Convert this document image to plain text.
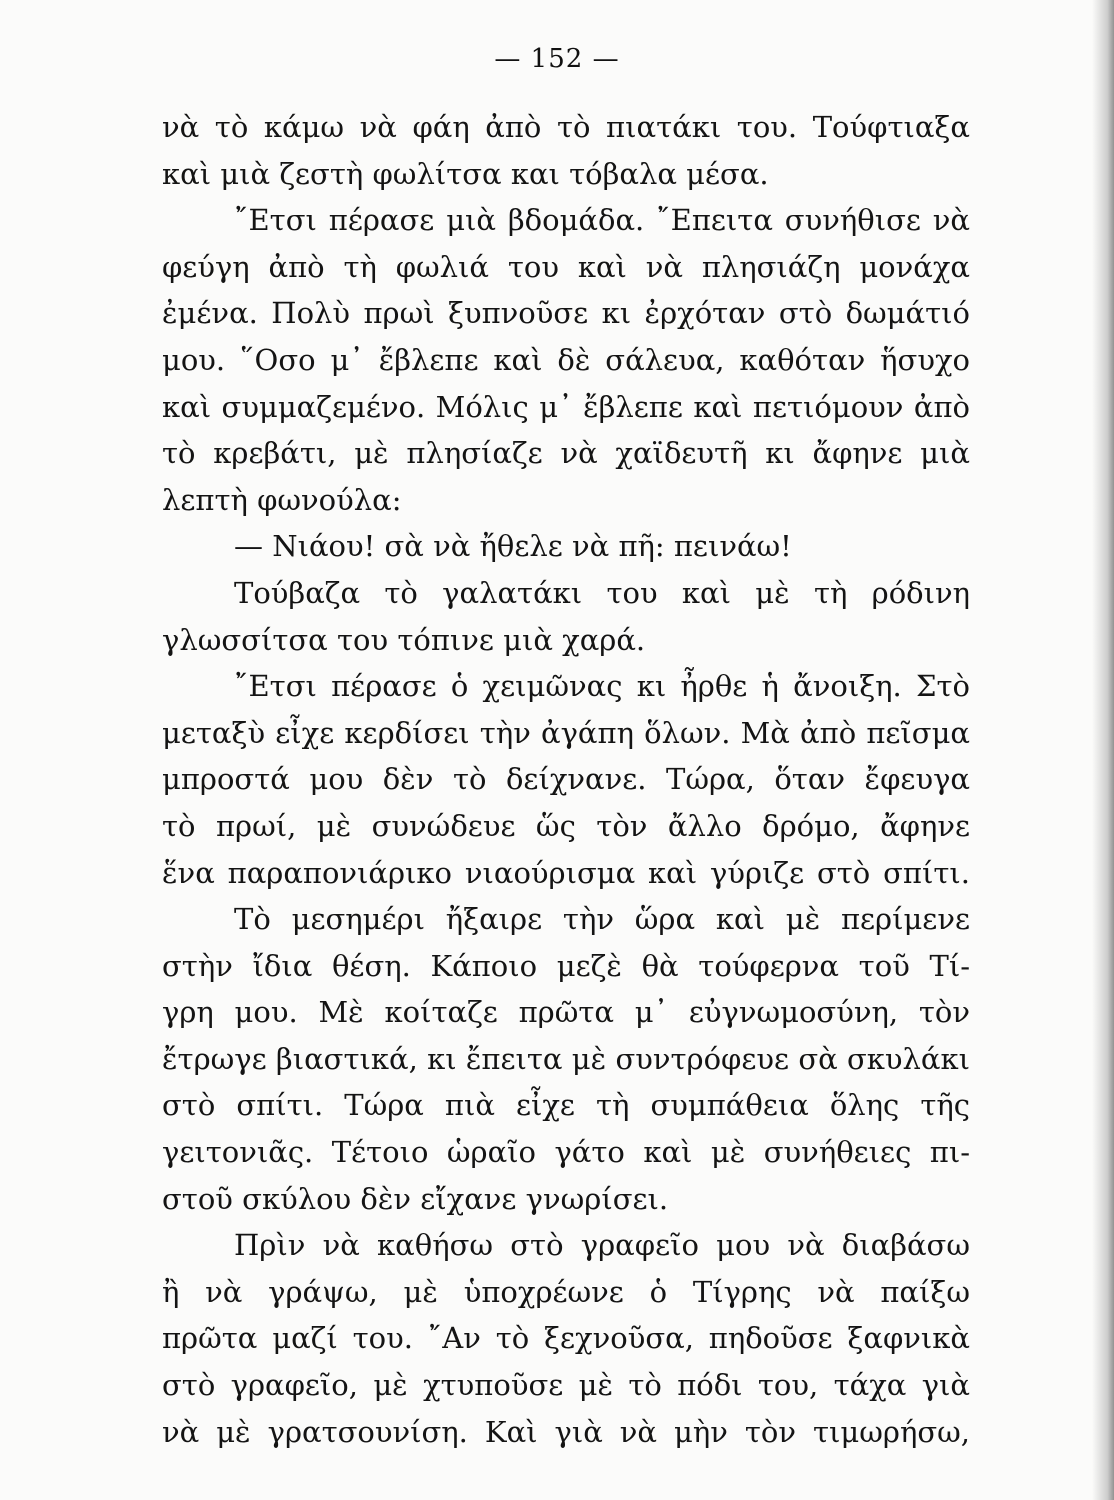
— 152 —
νὰ τὸ κάμω νὰ φάη ἀπὸ τὸ πιατάκι του. Τούφτιαξα
καὶ μιὰ ζεστὴ φωλίτσα και τόβαλα μέσα.
῎Ετσι πέρασε μιὰ βδομάδα. ῎Επειτα συνήθισε νὰ
φεύγη ἀπὸ τὴ φωλιά του καὶ νὰ πλησιάζη μονάχα
ἐμένα. Πολὺ πρωὶ ξυπνοῦσε κι ἐρχόταν στὸ δωμάτιό
μου. ῞Οσο μ᾿ ἔβλεπε καὶ δὲ σάλευα, καθόταν ἥσυχο
καὶ συμμαζεμένο. Μόλις μ᾿ ἔβλεπε καὶ πετιόμουν ἀπὸ
τὸ κρεβάτι, μὲ πλησίαζε νὰ χαϊδευτῆ κι ἄφηνε μιὰ
λεπτὴ φωνούλα:
— Νιάου! σὰ νὰ ἤθελε νὰ πῆ: πεινάω!
Τούβαζα τὸ γαλατάκι του καὶ μὲ τὴ ρόδινη
γλωσσίτσα του τόπινε μιὰ χαρά.
῎Ετσι πέρασε ὁ χειμῶνας κι ἦρθε ἡ ἄνοιξη. Στὸ
μεταξὺ εἶχε κερδίσει τὴν ἀγάπη ὅλων. Μὰ ἀπὸ πεῖσμα
μπροστά μου δὲν τὸ δείχνανε. Τώρα, ὅταν ἔφευγα
τὸ πρωί, μὲ συνώδευε ὥς τὸν ἄλλο δρόμο, ἄφηνε
ἕνα παραπονιάρικο νιαούρισμα καὶ γύριζε στὸ σπίτι.
Τὸ μεσημέρι ἤξαιρε τὴν ὥρα καὶ μὲ περίμενε
στὴν ἴδια θέση. Κάποιο μεζὲ θὰ τούφερνα τοῦ Τί-
γρη μου. Μὲ κοίταζε πρῶτα μ᾿ εὐγνωμοσύνη, τὸν
ἔτρωγε βιαστικά, κι ἔπειτα μὲ συντρόφευε σὰ σκυλάκι
στὸ σπίτι. Τώρα πιὰ εἶχε τὴ συμπάθεια ὅλης τῆς
γειτονιᾶς. Τέτοιο ὡραῖο γάτο καὶ μὲ συνήθειες πι-
στοῦ σκύλου δὲν εἴχανε γνωρίσει.
Πρὶν νὰ καθήσω στὸ γραφεῖο μου νὰ διαβάσω
ἢ νὰ γράψω, μὲ ὑποχρέωνε ὁ Τίγρης νὰ παίξω
πρῶτα μαζί του. ῎Αν τὸ ξεχνοῦσα, πηδοῦσε ξαφνικὰ
στὸ γραφεῖο, μὲ χτυποῦσε μὲ τὸ πόδι του, τάχα γιὰ
νὰ μὲ γρατσουνίση. Καὶ γιὰ νὰ μὴν τὸν τιμωρήσω,
